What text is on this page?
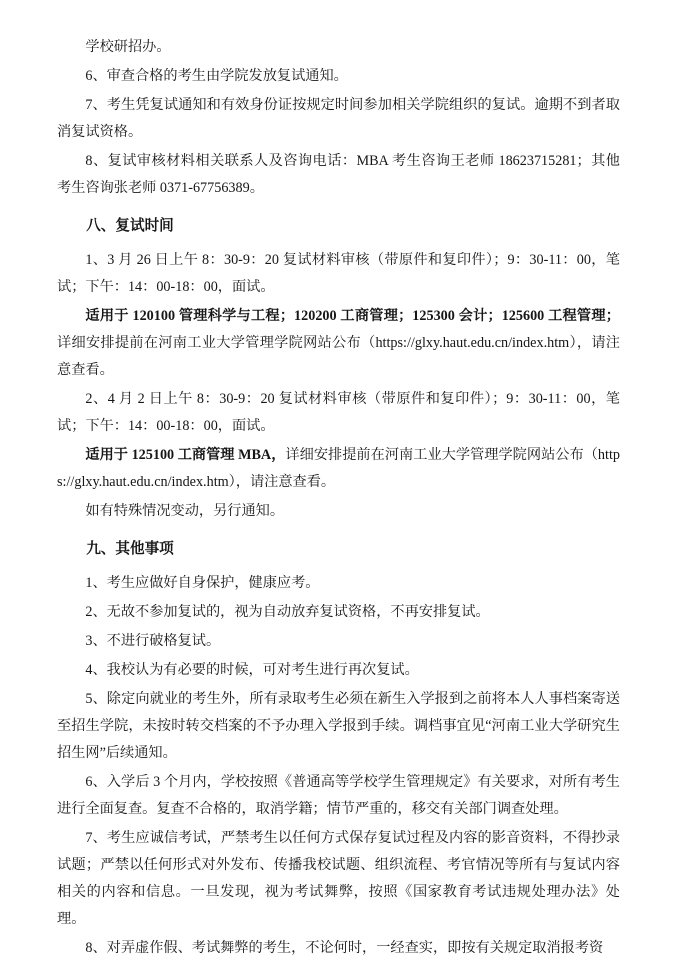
学校研招办。

6、审查合格的考生由学院发放复试通知。

7、考生凭复试通知和有效身份证按规定时间参加相关学院组织的复试。逾期不到者取消复试资格。

8、复试审核材料相关联系人及咨询电话：MBA 考生咨询王老师 18623715281；其他考生咨询张老师 0371-67756389。

八、复试时间

1、3 月 26 日上午 8：30-9：20 复试材料审核（带原件和复印件）；9：30-11：00，笔试；下午：14：00-18：00，面试。

适用于 120100 管理科学与工程；120200 工商管理；125300 会计；125600 工程管理；详细安排提前在河南工业大学管理学院网站公布（https://glxy.haut.edu.cn/index.htm），请注意查看。

2、4 月 2 日上午 8：30-9：20 复试材料审核（带原件和复印件）；9：30-11：00，笔试；下午：14：00-18：00，面试。

适用于 125100 工商管理 MBA，详细安排提前在河南工业大学管理学院网站公布（https://glxy.haut.edu.cn/index.htm），请注意查看。

如有特殊情况变动，另行通知。

九、其他事项

1、考生应做好自身保护，健康应考。

2、无故不参加复试的，视为自动放弃复试资格，不再安排复试。

3、不进行破格复试。

4、我校认为有必要的时候，可对考生进行再次复试。

5、除定向就业的考生外，所有录取考生必须在新生入学报到之前将本人人事档案寄送至招生学院，未按时转交档案的不予办理入学报到手续。调档事宜见“河南工业大学研究生招生网”后续通知。

6、入学后 3 个月内，学校按照《普通高等学校学生管理规定》有关要求，对所有考生进行全面复查。复查不合格的，取消学籍；情节严重的，移交有关部门调查处理。

7、考生应诚信考试，严禁考生以任何方式保存复试过程及内容的影音资料，不得抄录试题；严禁以任何形式对外发布、传播我校试题、组织流程、考官情况等所有与复试内容相关的内容和信息。一旦发现，视为考试舞弊，按照《国家教育考试违规处理办法》处理。

8、对弄虚作假、考试舞弊的考生，不论何时，一经查实，即按有关规定取消报考资
